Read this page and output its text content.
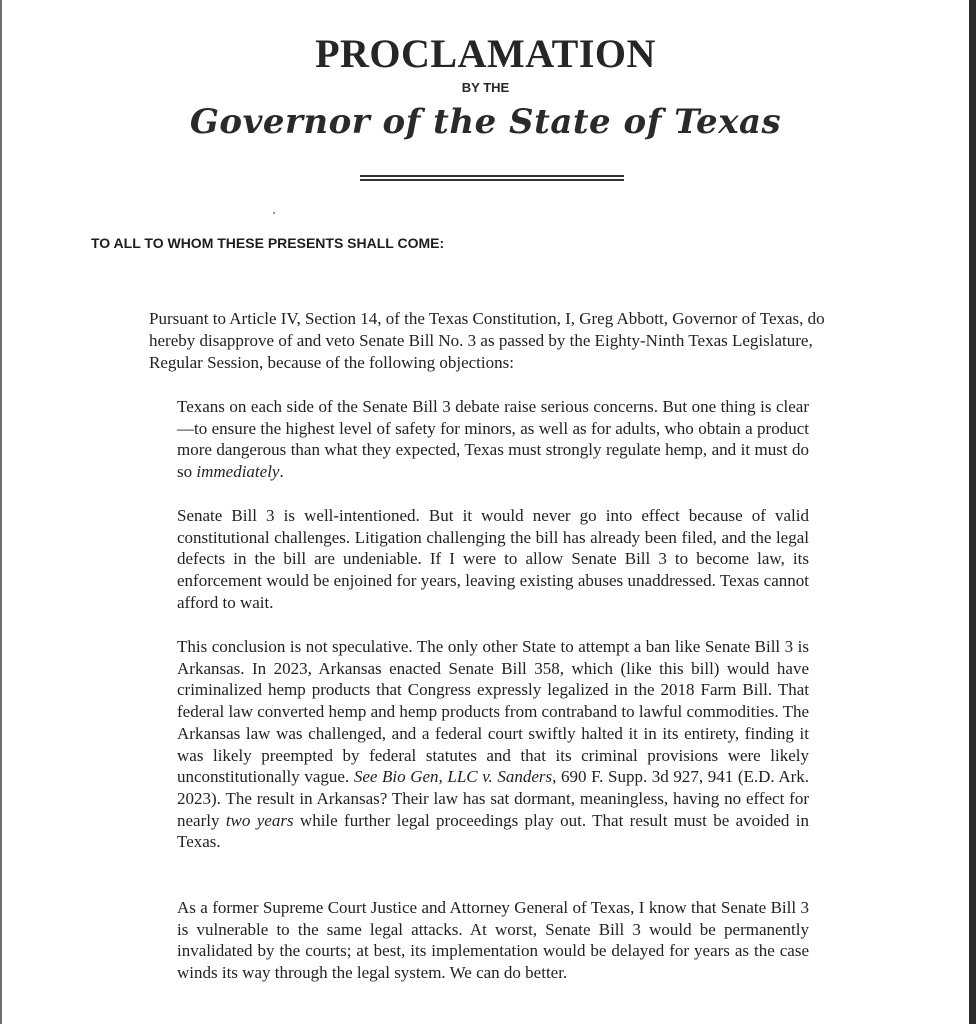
PROCLAMATION
BY THE
Governor of the State of Texas
TO ALL TO WHOM THESE PRESENTS SHALL COME:

Pursuant to Article IV, Section 14, of the Texas Constitution, I, Greg Abbott, Governor of Texas, do hereby disapprove of and veto Senate Bill No. 3 as passed by the Eighty-Ninth Texas Legislature, Regular Session, because of the following objections:

Texans on each side of the Senate Bill 3 debate raise serious concerns. But one thing is clear—to ensure the highest level of safety for minors, as well as for adults, who obtain a product more dangerous than what they expected, Texas must strongly regulate hemp, and it must do so immediately.

Senate Bill 3 is well-intentioned. But it would never go into effect because of valid constitutional challenges. Litigation challenging the bill has already been filed, and the legal defects in the bill are undeniable. If I were to allow Senate Bill 3 to become law, its enforcement would be enjoined for years, leaving existing abuses unaddressed. Texas cannot afford to wait.

This conclusion is not speculative. The only other State to attempt a ban like Senate Bill 3 is Arkansas. In 2023, Arkansas enacted Senate Bill 358, which (like this bill) would have criminalized hemp products that Congress expressly legalized in the 2018 Farm Bill. That federal law converted hemp and hemp products from contraband to lawful commodities. The Arkansas law was challenged, and a federal court swiftly halted it in its entirety, finding it was likely preempted by federal statutes and that its criminal provisions were likely unconstitutionally vague. See Bio Gen, LLC v. Sanders, 690 F. Supp. 3d 927, 941 (E.D. Ark. 2023). The result in Arkansas? Their law has sat dormant, meaningless, having no effect for nearly two years while further legal proceedings play out. That result must be avoided in Texas.

As a former Supreme Court Justice and Attorney General of Texas, I know that Senate Bill 3 is vulnerable to the same legal attacks. At worst, Senate Bill 3 would be permanently invalidated by the courts; at best, its implementation would be delayed for years as the case winds its way through the legal system. We can do better.
